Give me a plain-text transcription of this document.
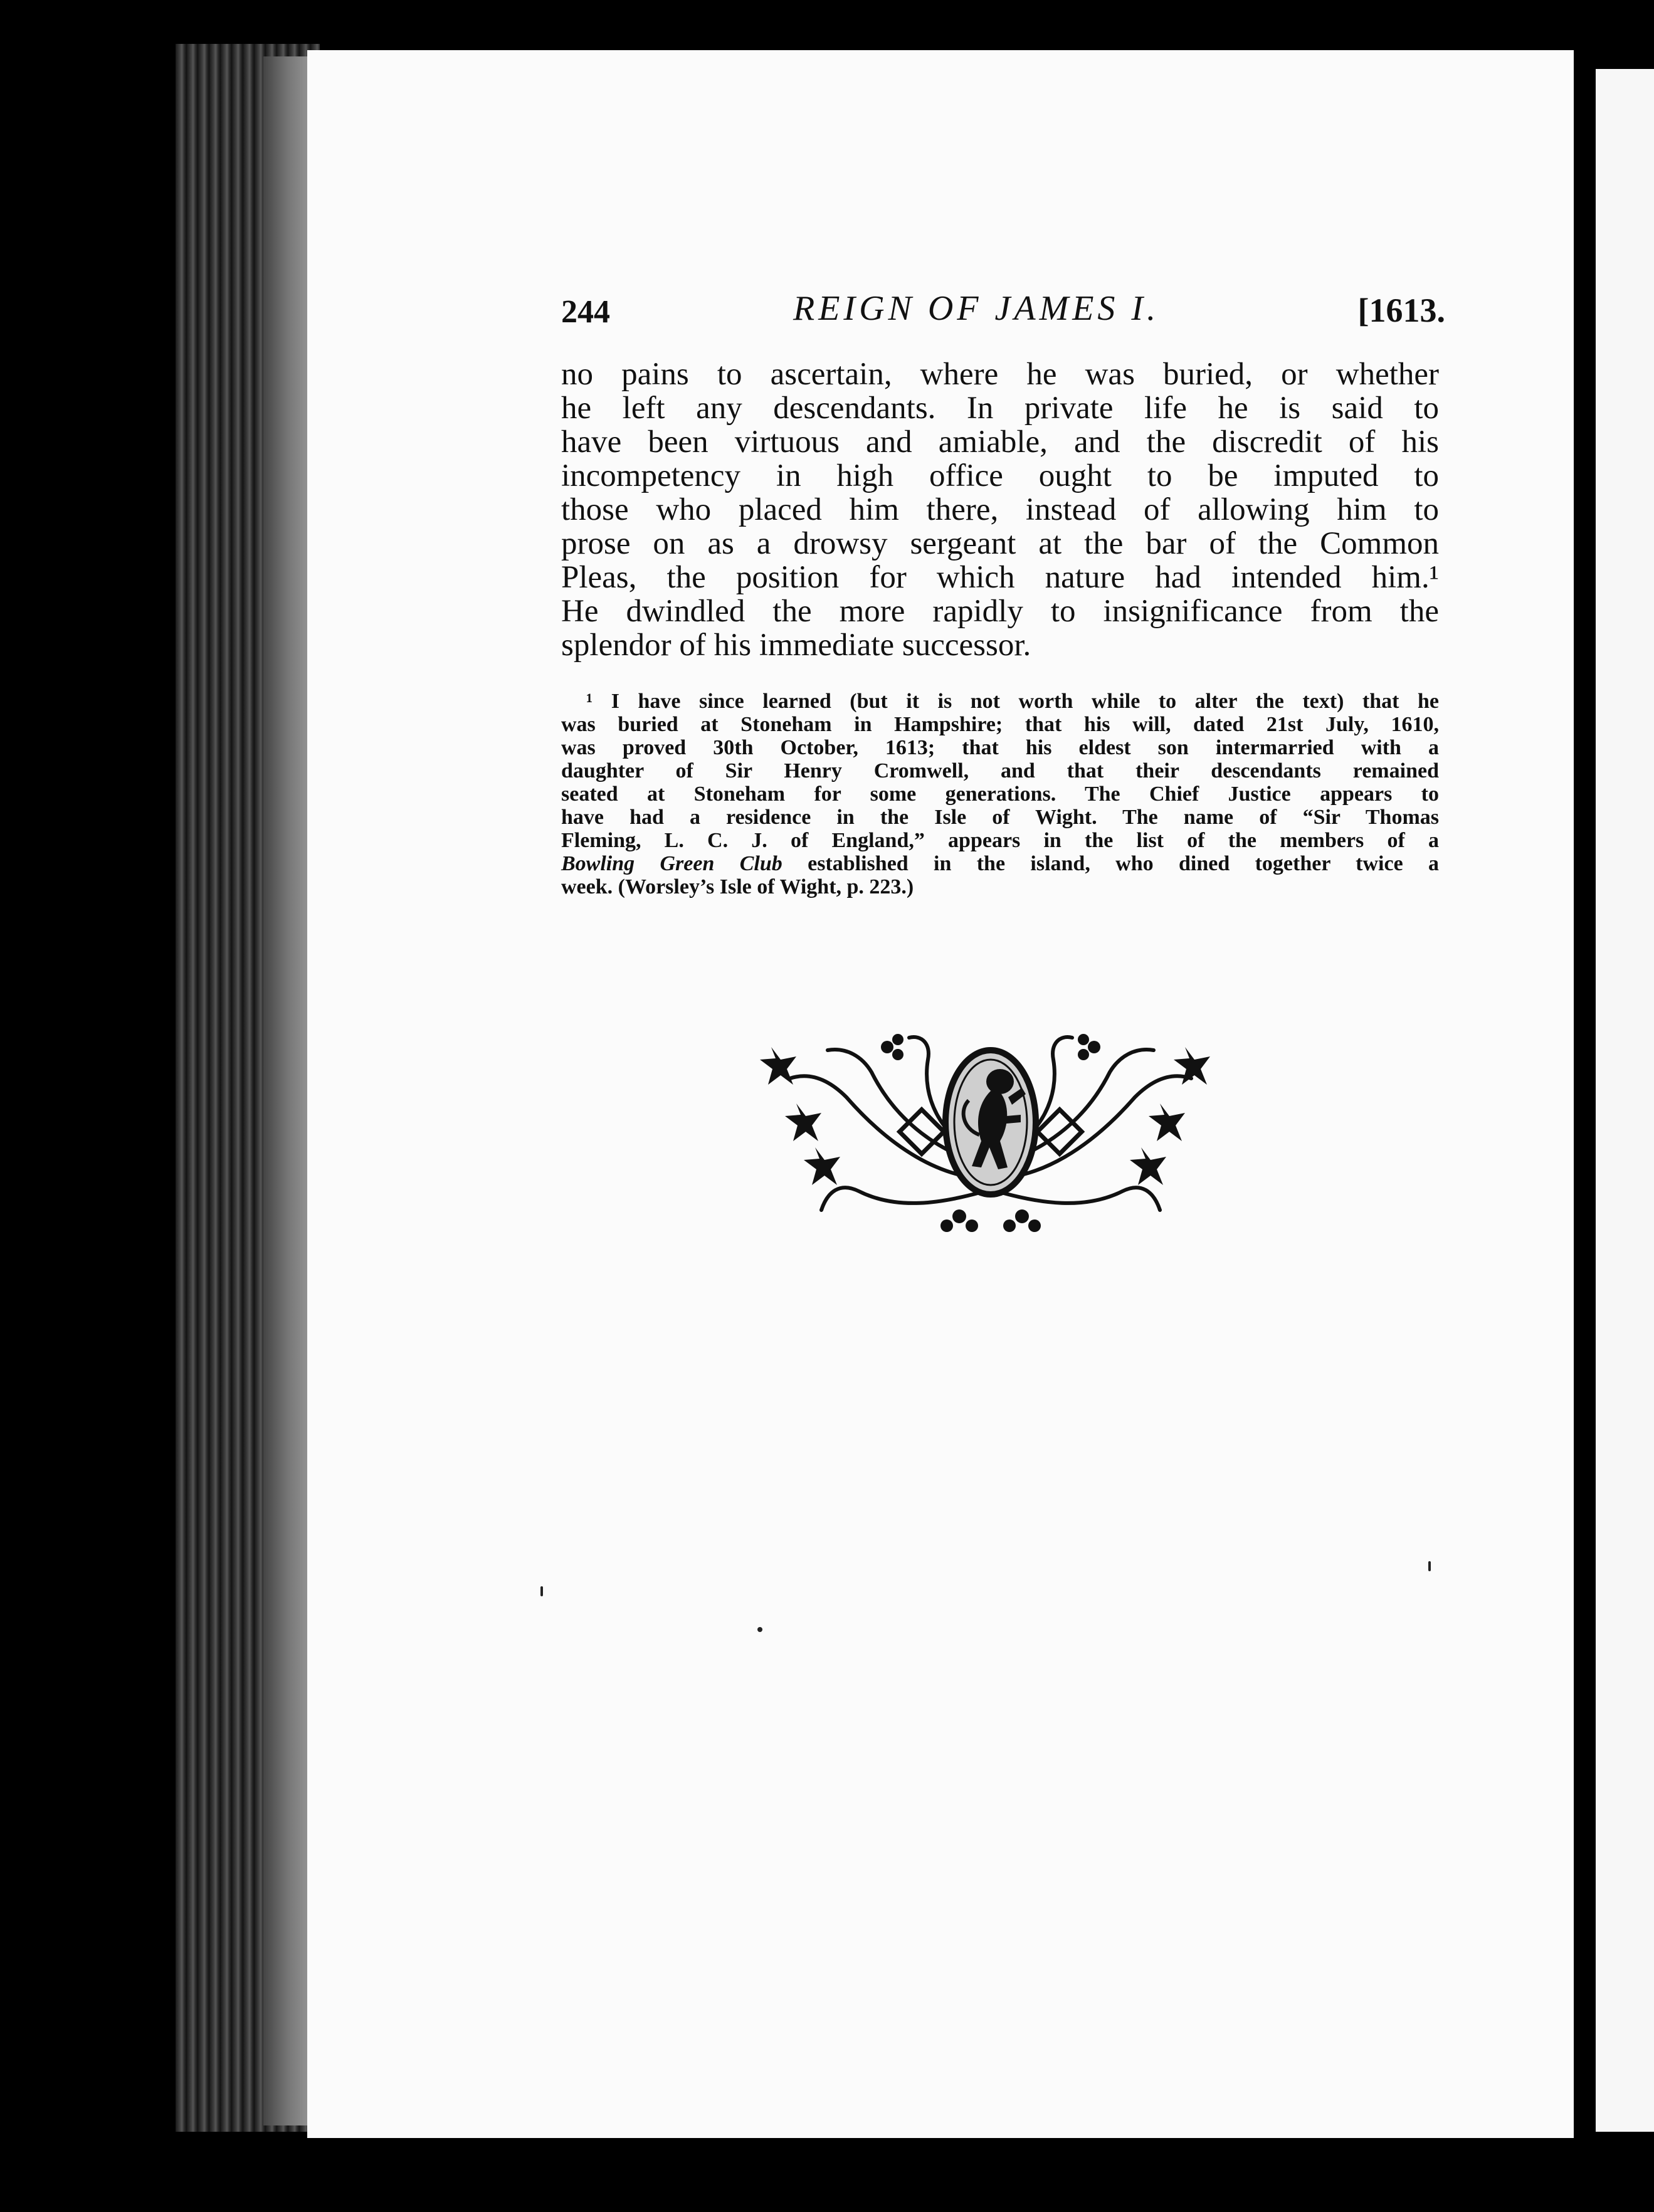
244	REIGN OF JAMES I.	[1613.
no pains to ascertain, where he was buried, or whether
he left any descendants. In private life he is said to
have been virtuous and amiable, and the discredit of his
incompetency in high office ought to be imputed to
those who placed him there, instead of allowing him to
prose on as a drowsy sergeant at the bar of the Common
Pleas, the position for which nature had intended him.¹
He dwindled the more rapidly to insignificance from the
splendor of his immediate successor.
¹ I have since learned (but it is not worth while to alter the text) that he
was buried at Stoneham in Hampshire; that his will, dated 21st July, 1610,
was proved 30th October, 1613; that his eldest son intermarried with a
daughter of Sir Henry Cromwell, and that their descendants remained
seated at Stoneham for some generations. The Chief Justice appears to
have had a residence in the Isle of Wight. The name of “Sir Thomas
Fleming, L. C. J. of England,” appears in the list of the members of a
Bowling Green Club established in the island, who dined together twice a
week. (Worsley’s Isle of Wight, p. 223.)
